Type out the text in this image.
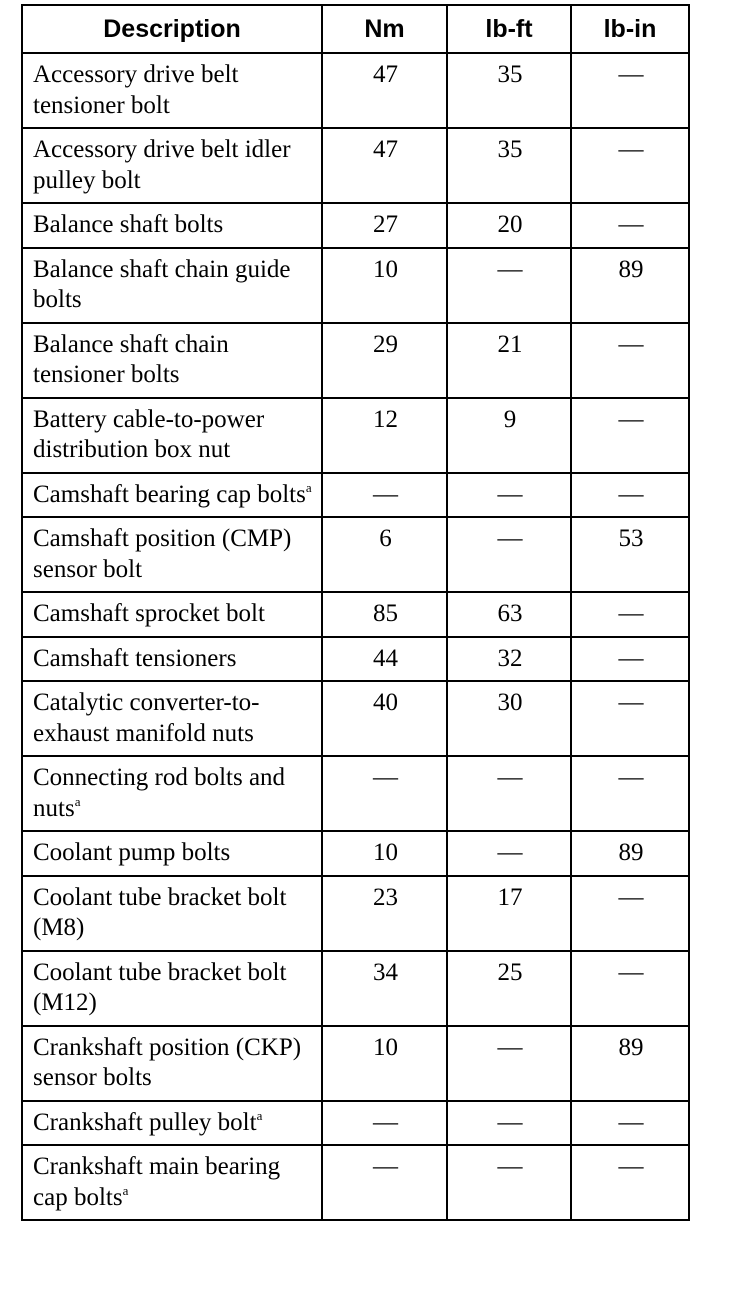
Description	Nm	lb-ft	lb-in
Accessory drive belt tensioner bolt	47	35	—
Accessory drive belt idler pulley bolt	47	35	—
Balance shaft bolts	27	20	—
Balance shaft chain guide bolts	10	—	89
Balance shaft chain tensioner bolts	29	21	—
Battery cable-to-power distribution box nut	12	9	—
Camshaft bearing cap bolts$^a$	—	—	—
Camshaft position (CMP) sensor bolt	6	—	53
Camshaft sprocket bolt	85	63	—
Camshaft tensioners	44	32	—
Catalytic converter-to-exhaust manifold nuts	40	30	—
Connecting rod bolts and nuts$^a$	—	—	—
Coolant pump bolts	10	—	89
Coolant tube bracket bolt (M8)	23	17	—
Coolant tube bracket bolt (M12)	34	25	—
Crankshaft position (CKP) sensor bolts	10	—	89
Crankshaft pulley bolt$^a$	—	—	—
Crankshaft main bearing cap bolts$^a$	—	—	—
